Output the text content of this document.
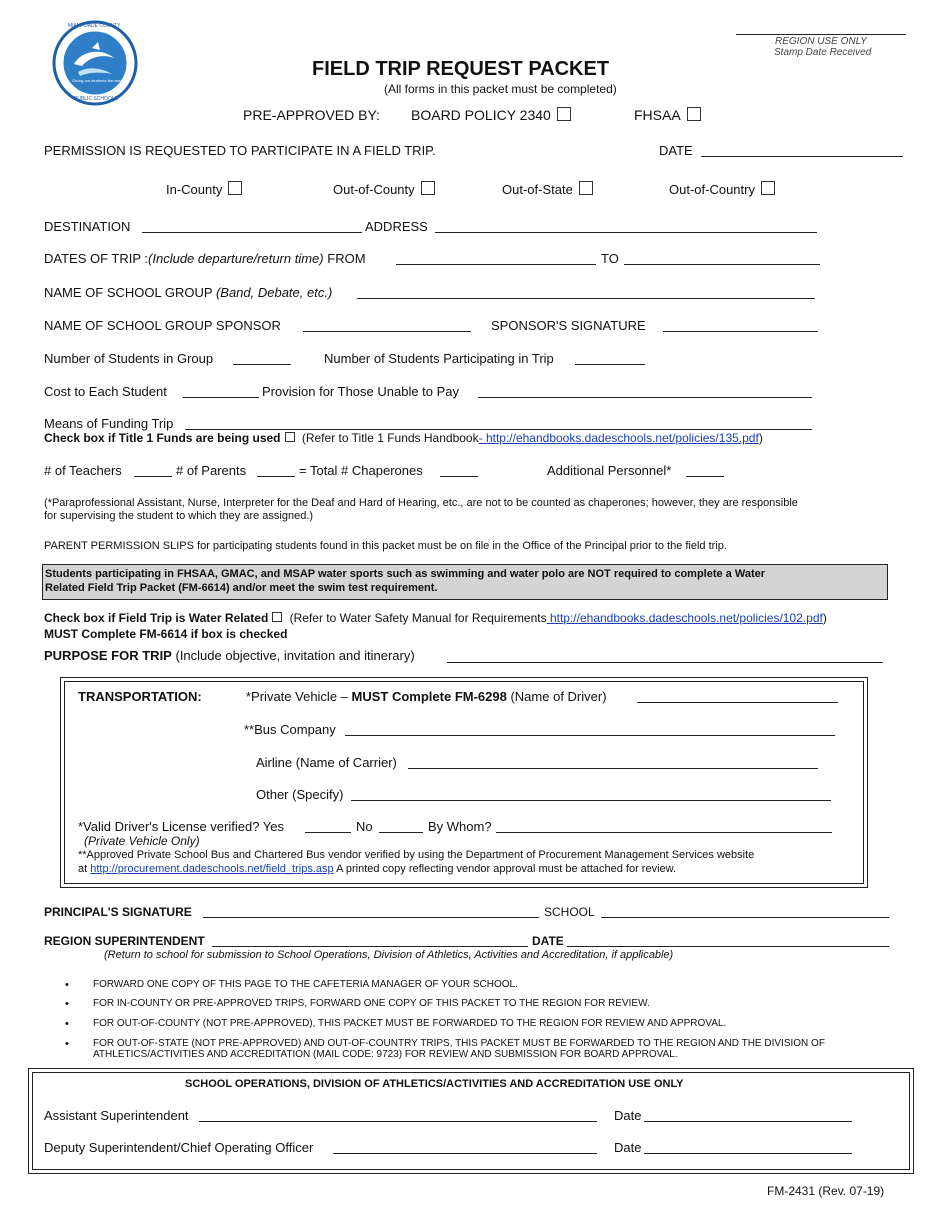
MIAMI-DADE COUNTY
Giving our students the world
PUBLIC SCHOOLS
REGION USE ONLY
Stamp Date Received
FIELD TRIP REQUEST PACKET
(All forms in this packet must be completed)
PRE-APPROVED BY: BOARD POLICY 2340	FHSAA
PERMISSION IS REQUESTED TO PARTICIPATE IN A FIELD TRIP.	DATE
In-County	Out-of-County	Out-of-State	Out-of-Country
DESTINATION	ADDRESS
DATES OF TRIP :(Include departure/return time) FROM	TO
NAME OF SCHOOL GROUP (Band, Debate, etc.)
NAME OF SCHOOL GROUP SPONSOR	SPONSOR'S SIGNATURE
Number of Students in Group	Number of Students Participating in Trip
Cost to Each Student	Provision for Those Unable to Pay
Means of Funding Trip
Check box if Title 1 Funds are being used (Refer to Title 1 Funds Handbook- http://ehandbooks.dadeschools.net/policies/135.pdf)
# of Teachers	# of Parents	= Total # Chaperones	Additional Personnel*
(*Paraprofessional Assistant, Nurse, Interpreter for the Deaf and Hard of Hearing, etc., are not to be counted as chaperones; however, they are responsible
for supervising the student to which they are assigned.)
PARENT PERMISSION SLIPS for participating students found in this packet must be on file in the Office of the Principal prior to the field trip.
Students participating in FHSAA, GMAC, and MSAP water sports such as swimming and water polo are NOT required to complete a Water
Related Field Trip Packet (FM-6614) and/or meet the swim test requirement.
Check box if Field Trip is Water Related (Refer to Water Safety Manual for Requirements http://ehandbooks.dadeschools.net/policies/102.pdf)
MUST Complete FM-6614 if box is checked
PURPOSE FOR TRIP (Include objective, invitation and itinerary)
TRANSPORTATION:	*Private Vehicle – MUST Complete FM-6298 (Name of Driver)
**Bus Company
Airline (Name of Carrier)
Other (Specify)
*Valid Driver's License verified? Yes	No	By Whom?
(Private Vehicle Only)
**Approved Private School Bus and Chartered Bus vendor verified by using the Department of Procurement Management Services website
at http://procurement.dadeschools.net/field_trips.asp A printed copy reflecting vendor approval must be attached for review.
PRINCIPAL'S SIGNATURE	SCHOOL
REGION SUPERINTENDENT	DATE
(Return to school for submission to School Operations, Division of Athletics, Activities and Accreditation, if applicable)
• FORWARD ONE COPY OF THIS PAGE TO THE CAFETERIA MANAGER OF YOUR SCHOOL.
• FOR IN-COUNTY OR PRE-APPROVED TRIPS, FORWARD ONE COPY OF THIS PACKET TO THE REGION FOR REVIEW.
• FOR OUT-OF-COUNTY (NOT PRE-APPROVED), THIS PACKET MUST BE FORWARDED TO THE REGION FOR REVIEW AND APPROVAL.
• FOR OUT-OF-STATE (NOT PRE-APPROVED) AND OUT-OF-COUNTRY TRIPS, THIS PACKET MUST BE FORWARDED TO THE REGION AND THE DIVISION OF
ATHLETICS/ACTIVITIES AND ACCREDITATION (MAIL CODE: 9723) FOR REVIEW AND SUBMISSION FOR BOARD APPROVAL.
SCHOOL OPERATIONS, DIVISION OF ATHLETICS/ACTIVITIES AND ACCREDITATION USE ONLY
Assistant Superintendent	Date
Deputy Superintendent/Chief Operating Officer	Date
FM-2431 (Rev. 07-19)
